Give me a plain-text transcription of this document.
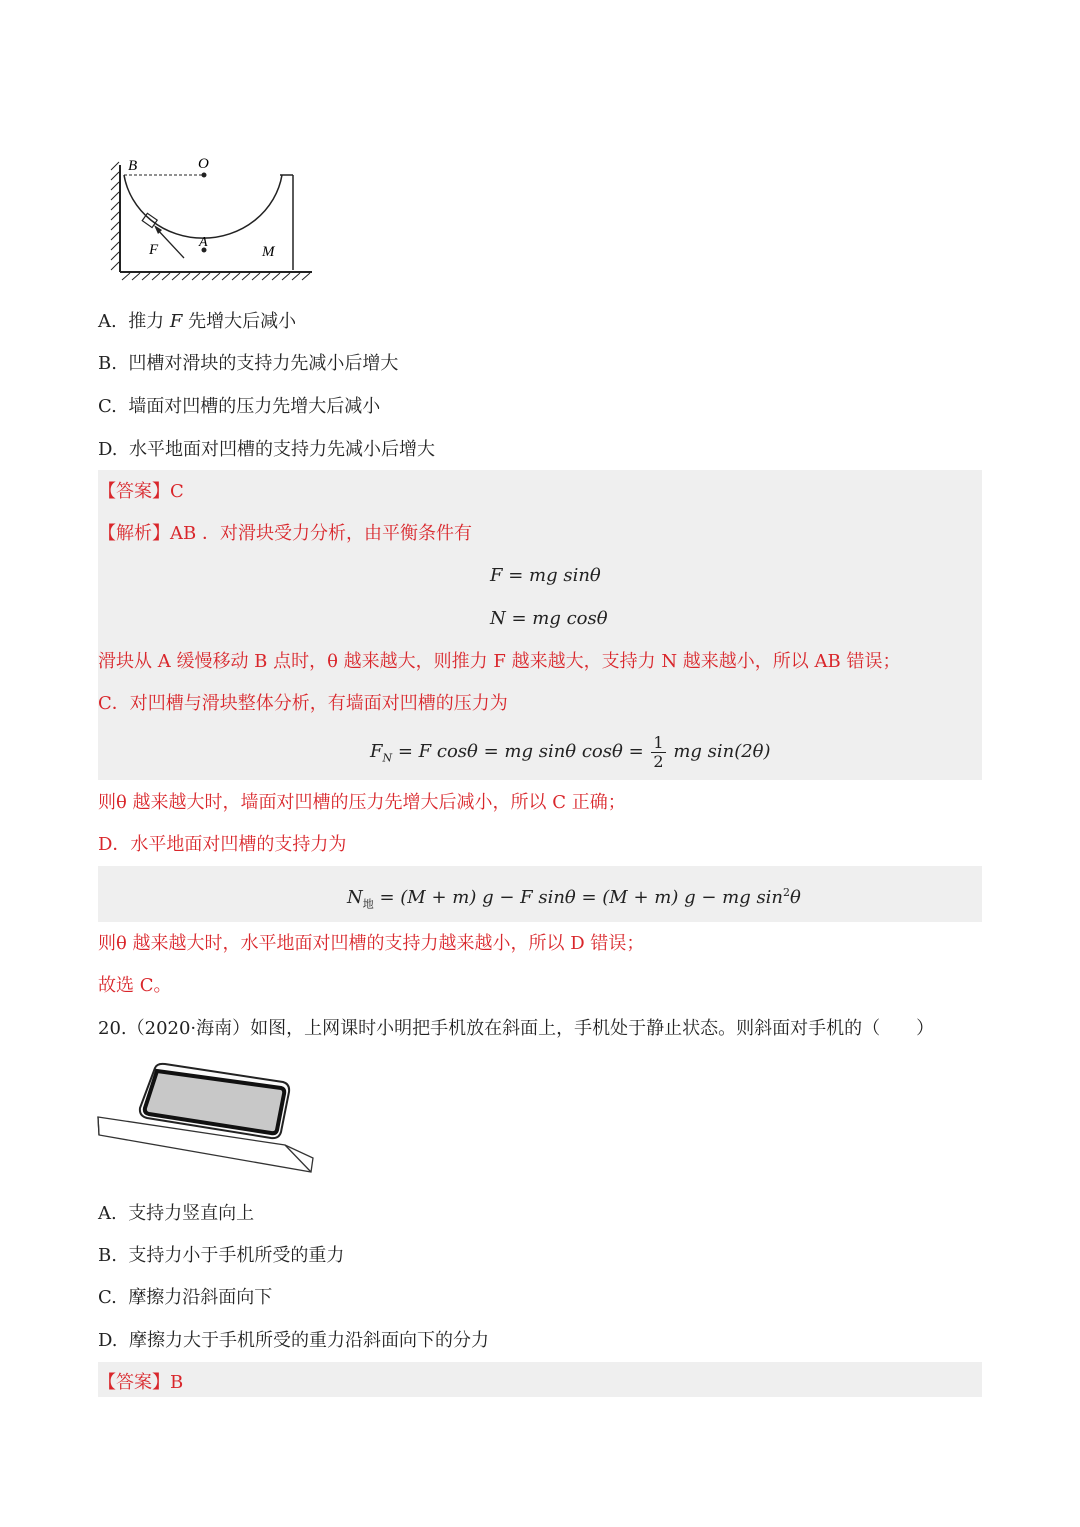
B	O
A
F	M
A. 推力 F 先增大后减小
B. 凹槽对滑块的支持力先减小后增大
C. 墙面对凹槽的压力先增大后减小
D. 水平地面对凹槽的支持力先减小后增大
【答案】C
【解析】AB ．对滑块受力分析，由平衡条件有
F = mg sinθ
N = mg cosθ
滑块从 A 缓慢移动 B 点时，θ 越来越大，则推力 F 越来越大，支持力 N 越来越小，所以 AB 错误；
C．对凹槽与滑块整体分析，有墙面对凹槽的压力为
$F_N = F$ cosθ = mg sinθ $\cos\theta = \frac{1}{2}$ mg sin(2θ)
则θ 越来越大时，墙面对凹槽的压力先增大后减小，所以 C 正确；
D．水平地面对凹槽的支持力为
$N_地 = (M + m) g - F$ sinθ = (M + m) g − mg $\sin^2\theta$
则θ 越来越大时，水平地面对凹槽的支持力越来越小，所以 D 错误；
故选 C。
20.（2020·海南）如图，上网课时小明把手机放在斜面上，手机处于静止状态。则斜面对手机的（　　）
A. 支持力竖直向上
B. 支持力小于手机所受的重力
C. 摩擦力沿斜面向下
D. 摩擦力大于手机所受的重力沿斜面向下的分力
【答案】B
